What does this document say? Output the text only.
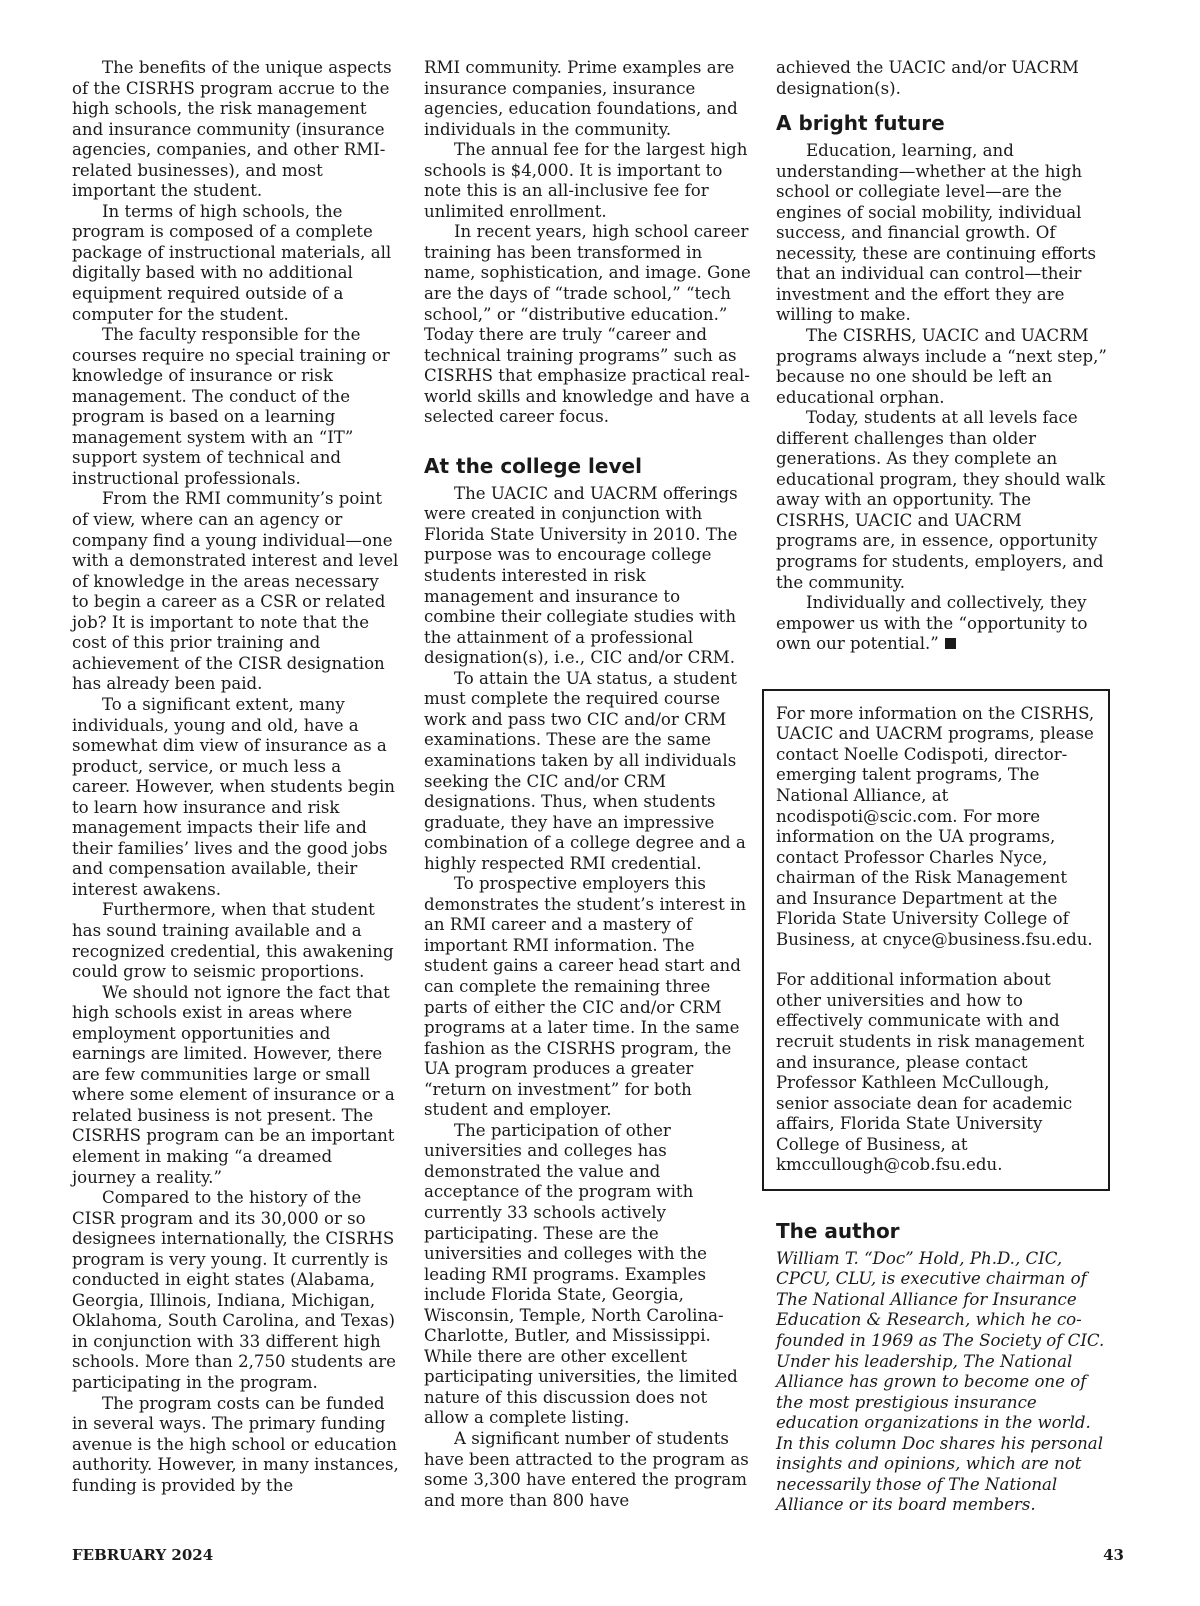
The benefits of the unique aspects of the CISRHS program accrue to the high schools, the risk management and insurance community (insurance agencies, companies, and other RMI-related businesses), and most important the student.

In terms of high schools, the program is composed of a complete package of instructional materials, all digitally based with no additional equipment required outside of a computer for the student.

The faculty responsible for the courses require no special training or knowledge of insurance or risk management. The conduct of the program is based on a learning management system with an “IT” support system of technical and instructional professionals.

From the RMI community’s point of view, where can an agency or company find a young individual—one with a demonstrated interest and level of knowledge in the areas necessary to begin a career as a CSR or related job? It is important to note that the cost of this prior training and achievement of the CISR designation has already been paid.

To a significant extent, many individuals, young and old, have a somewhat dim view of insurance as a product, service, or much less a career. However, when students begin to learn how insurance and risk management impacts their life and their families’ lives and the good jobs and compensation available, their interest awakens.

Furthermore, when that student has sound training available and a recognized credential, this awakening could grow to seismic proportions.

We should not ignore the fact that high schools exist in areas where employment opportunities and earnings are limited. However, there are few communities large or small where some element of insurance or a related business is not present. The CISRHS program can be an important element in making “a dreamed journey a reality.”

Compared to the history of the CISR program and its 30,000 or so designees internationally, the CISRHS program is very young. It currently is conducted in eight states (Alabama, Georgia, Illinois, Indiana, Michigan, Oklahoma, South Carolina, and Texas) in conjunction with 33 different high schools. More than 2,750 students are participating in the program.

The program costs can be funded in several ways. The primary funding avenue is the high school or education authority. However, in many instances, funding is provided by the

RMI community. Prime examples are insurance companies, insurance agencies, education foundations, and individuals in the community.

The annual fee for the largest high schools is $4,000. It is important to note this is an all-inclusive fee for unlimited enrollment.

In recent years, high school career training has been transformed in name, sophistication, and image. Gone are the days of “trade school,” “tech school,” or “distributive education.” Today there are truly “career and technical training programs” such as CISRHS that emphasize practical real-world skills and knowledge and have a selected career focus.

At the college level

The UACIC and UACRM offerings were created in conjunction with Florida State University in 2010. The purpose was to encourage college students interested in risk management and insurance to combine their collegiate studies with the attainment of a professional designation(s), i.e., CIC and/or CRM.

To attain the UA status, a student must complete the required course work and pass two CIC and/or CRM examinations. These are the same examinations taken by all individuals seeking the CIC and/or CRM designations. Thus, when students graduate, they have an impressive combination of a college degree and a highly respected RMI credential.

To prospective employers this demonstrates the student’s interest in an RMI career and a mastery of important RMI information. The student gains a career head start and can complete the remaining three parts of either the CIC and/or CRM programs at a later time. In the same fashion as the CISRHS program, the UA program produces a greater “return on investment” for both student and employer.

The participation of other universities and colleges has demonstrated the value and acceptance of the program with currently 33 schools actively participating. These are the universities and colleges with the leading RMI programs. Examples include Florida State, Georgia, Wisconsin, Temple, North Carolina-Charlotte, Butler, and Mississippi. While there are other excellent participating universities, the limited nature of this discussion does not allow a complete listing.

A significant number of students have been attracted to the program as some 3,300 have entered the program and more than 800 have

achieved the UACIC and/or UACRM designation(s).

A bright future

Education, learning, and understanding—whether at the high school or collegiate level—are the engines of social mobility, individual success, and financial growth. Of necessity, these are continuing efforts that an individual can control—their investment and the effort they are willing to make.

The CISRHS, UACIC and UACRM programs always include a “next step,” because no one should be left an educational orphan.

Today, students at all levels face different challenges than older generations. As they complete an educational program, they should walk away with an opportunity. The CISRHS, UACIC and UACRM programs are, in essence, opportunity programs for students, employers, and the community.

Individually and collectively, they empower us with the “opportunity to own our potential.”

For more information on the CISRHS, UACIC and UACRM programs, please contact Noelle Codispoti, director-emerging talent programs, The National Alliance, at ncodispoti@scic.com. For more information on the UA programs, contact Professor Charles Nyce, chairman of the Risk Management and Insurance Department at the Florida State University College of Business, at cnyce@business.fsu.edu.

For additional information about other universities and how to effectively communicate with and recruit students in risk management and insurance, please contact Professor Kathleen McCullough, senior associate dean for academic affairs, Florida State University College of Business, at kmccullough@cob.fsu.edu.

The author

William T. “Doc” Hold, Ph.D., CIC, CPCU, CLU, is executive chairman of The National Alliance for Insurance Education & Research, which he co-founded in 1969 as The Society of CIC. Under his leadership, The National Alliance has grown to become one of the most prestigious insurance education organizations in the world. In this column Doc shares his personal insights and opinions, which are not necessarily those of The National Alliance or its board members.

FEBRUARY 2024	43
